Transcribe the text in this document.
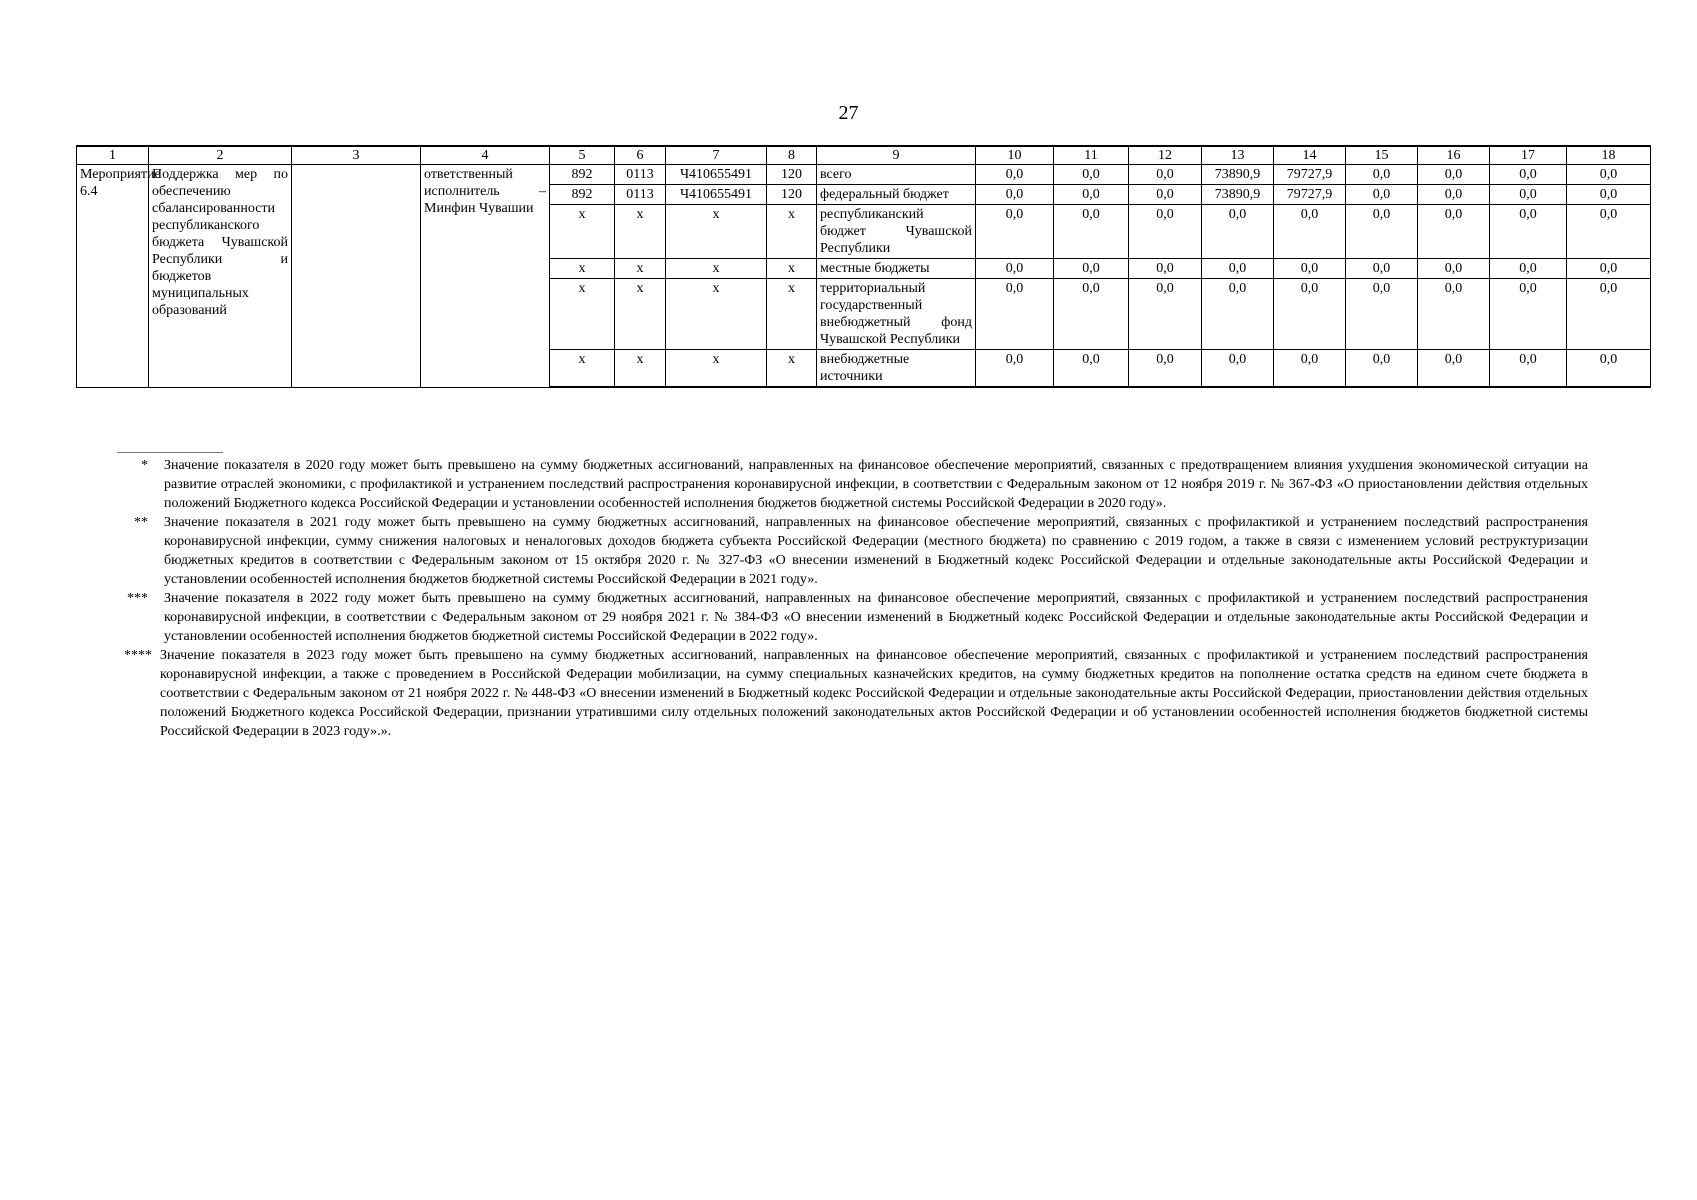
27
1	2	3	4	5	6	7	8	9	10	11	12	13	14	15	16	17	18
Мероприятие 6.4	Поддержка мер по обеспечению сбалансированности республиканского бюджета Чувашской Республики и бюджетов муниципальных образований		ответственный исполнитель – Минфин Чувашии	892	0113	Ч410655491	120	всего	0,0	0,0	0,0	73890,9	79727,9	0,0	0,0	0,0	0,0
				892	0113	Ч410655491	120	федеральный бюджет	0,0	0,0	0,0	73890,9	79727,9	0,0	0,0	0,0	0,0
				x	x	x	x	республиканский бюджет Чувашской Республики	0,0	0,0	0,0	0,0	0,0	0,0	0,0	0,0	0,0
				x	x	x	x	местные бюджеты	0,0	0,0	0,0	0,0	0,0	0,0	0,0	0,0	0,0
				x	x	x	x	территориальный государственный внебюджетный фонд Чувашской Республики	0,0	0,0	0,0	0,0	0,0	0,0	0,0	0,0	0,0
				x	x	x	x	внебюджетные источники	0,0	0,0	0,0	0,0	0,0	0,0	0,0	0,0	0,0
*	Значение показателя в 2020 году может быть превышено на сумму бюджетных ассигнований, направленных на финансовое обеспечение мероприятий, связанных с предотвращением влияния ухудшения экономической ситуации на развитие отраслей экономики, с профилактикой и устранением последствий распространения коронавирусной инфекции, в соответствии с Федеральным законом от 12 ноября 2019 г. № 367-ФЗ «О приостановлении действия отдельных положений Бюджетного кодекса Российской Федерации и установлении особенностей исполнения бюджетов бюджетной системы Российской Федерации в 2020 году».
**	Значение показателя в 2021 году может быть превышено на сумму бюджетных ассигнований, направленных на финансовое обеспечение мероприятий, связанных с профилактикой и устранением последствий распространения коронавирусной инфекции, сумму снижения налоговых и неналоговых доходов бюджета субъекта Российской Федерации (местного бюджета) по сравнению с 2019 годом, а также в связи с изменением условий реструктуризации бюджетных кредитов в соответствии с Федеральным законом от 15 октября 2020 г. № 327-ФЗ «О внесении изменений в Бюджетный кодекс Российской Федерации и отдельные законодательные акты Российской Федерации и установлении особенностей исполнения бюджетов бюджетной системы Российской Федерации в 2021 году».
***	Значение показателя в 2022 году может быть превышено на сумму бюджетных ассигнований, направленных на финансовое обеспечение мероприятий, связанных с профилактикой и устранением последствий распространения коронавирусной инфекции, в соответствии с Федеральным законом от 29 ноября 2021 г. № 384-ФЗ «О внесении изменений в Бюджетный кодекс Российской Федерации и отдельные законодательные акты Российской Федерации и установлении особенностей исполнения бюджетов бюджетной системы Российской Федерации в 2022 году».
**** Значение показателя в 2023 году может быть превышено на сумму бюджетных ассигнований, направленных на финансовое обеспечение мероприятий, связанных с профилактикой и устранением последствий распространения коронавирусной инфекции, а также с проведением в Российской Федерации мобилизации, на сумму специальных казначейских кредитов, на сумму бюджетных кредитов на пополнение остатка средств на едином счете бюджета в соответствии с Федеральным законом от 21 ноября 2022 г. № 448-ФЗ «О внесении изменений в Бюджетный кодекс Российской Федерации и отдельные законодательные акты Российской Федерации, приостановлении действия отдельных положений Бюджетного кодекса Российской Федерации, признании утратившими силу отдельных положений законодательных актов Российской Федерации и об установлении особенностей исполнения бюджетов бюджетной системы Российской Федерации в 2023 году».».
